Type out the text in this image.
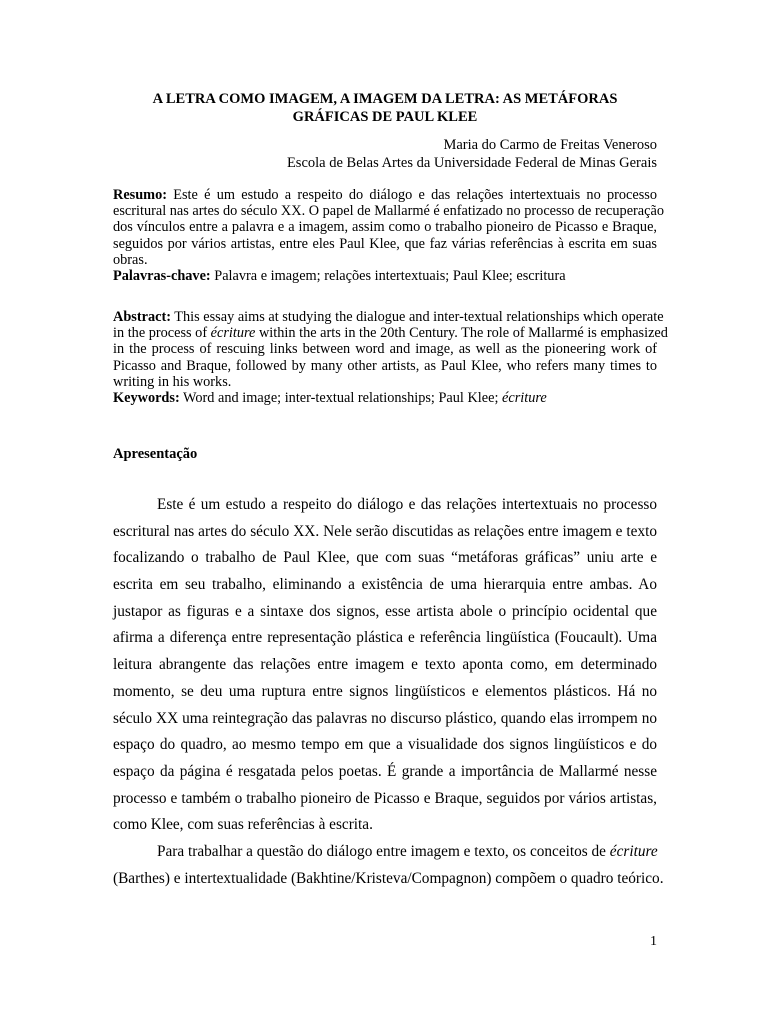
A LETRA COMO IMAGEM, A IMAGEM DA LETRA: AS METÁFORAS
GRÁFICAS DE PAUL KLEE
Maria do Carmo de Freitas Veneroso
Escola de Belas Artes da Universidade Federal de Minas Gerais
Resumo: Este é um estudo a respeito do diálogo e das relações intertextuais no processo
escritural nas artes do século XX. O papel de Mallarmé é enfatizado no processo de recuperação
dos vínculos entre a palavra e a imagem, assim como o trabalho pioneiro de Picasso e Braque,
seguidos por vários artistas, entre eles Paul Klee, que faz várias referências à escrita em suas
obras.
Palavras-chave: Palavra e imagem; relações intertextuais; Paul Klee; escritura
Abstract: This essay aims at studying the dialogue and inter-textual relationships which operate
in the process of écriture within the arts in the 20th Century. The role of Mallarmé is emphasized
in the process of rescuing links between word and image, as well as the pioneering work of
Picasso and Braque, followed by many other artists, as Paul Klee, who refers many times to
writing in his works.
Keywords: Word and image; inter-textual relationships; Paul Klee; écriture
Apresentação
Este é um estudo a respeito do diálogo e das relações intertextuais no processo
escritural nas artes do século XX. Nele serão discutidas as relações entre imagem e texto
focalizando o trabalho de Paul Klee, que com suas “metáforas gráficas” uniu arte e
escrita em seu trabalho, eliminando a existência de uma hierarquia entre ambas. Ao
justapor as figuras e a sintaxe dos signos, esse artista abole o princípio ocidental que
afirma a diferença entre representação plástica e referência lingüística (Foucault). Uma
leitura abrangente das relações entre imagem e texto aponta como, em determinado
momento, se deu uma ruptura entre signos lingüísticos e elementos plásticos. Há no
século XX uma reintegração das palavras no discurso plástico, quando elas irrompem no
espaço do quadro, ao mesmo tempo em que a visualidade dos signos lingüísticos e do
espaço da página é resgatada pelos poetas. É grande a importância de Mallarmé nesse
processo e também o trabalho pioneiro de Picasso e Braque, seguidos por vários artistas,
como Klee, com suas referências à escrita.
Para trabalhar a questão do diálogo entre imagem e texto, os conceitos de écriture
(Barthes) e intertextualidade (Bakhtine/Kristeva/Compagnon) compõem o quadro teórico.
1
